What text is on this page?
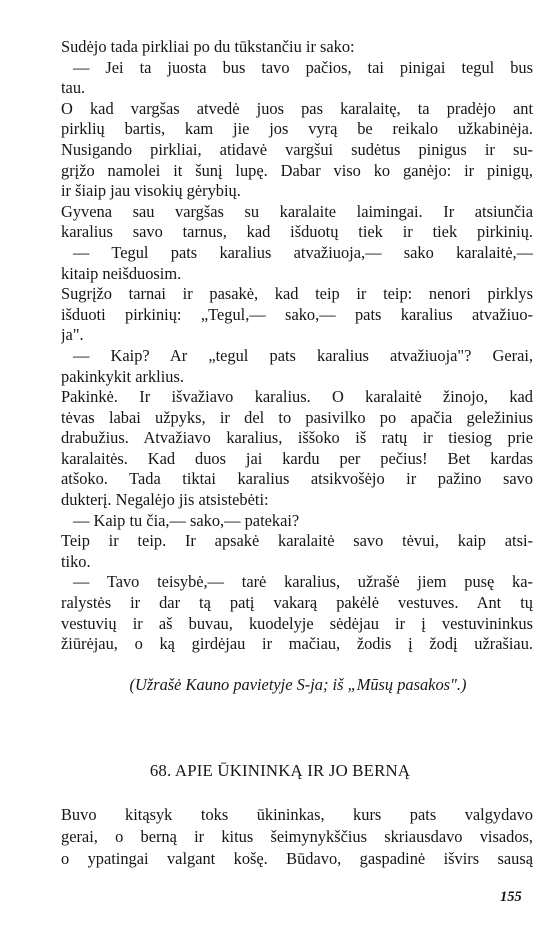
Sudėjo tada pirkliai po du tūkstančiu ir sako:
— Jei ta juosta bus tavo pačios, tai pinigai tegul bus
tau.
O kad vargšas atvedė juos pas karalaitę, ta pradėjo ant
pirklių bartis, kam jie jos vyrą be reikalo užkabinėja.
Nusigando pirkliai, atidavė vargšui sudėtus pinigus ir su-
grįžo namolei it šunį lupę. Dabar viso ko ganėjo: ir pinigų,
ir šiaip jau visokių gėrybių.
Gyvena sau vargšas su karalaite laimingai. Ir atsiunčia
karalius savo tarnus, kad išduotų tiek ir tiek pirkinių.
— Tegul pats karalius atvažiuoja,— sako karalaitė,—
kitaip neišduosim.
Sugrįžo tarnai ir pasakė, kad teip ir teip: nenori pirklys
išduoti pirkinių: „Tegul,— sako,— pats karalius atvažiuo-
ja".
— Kaip? Ar „tegul pats karalius atvažiuoja"? Gerai,
pakinkykit arklius.
Pakinkė. Ir išvažiavo karalius. O karalaitė žinojo, kad
tėvas labai užpyks, ir del to pasivilko po apačia geležinius
drabužius. Atvažiavo karalius, iššoko iš ratų ir tiesiog prie
karalaitės. Kad duos jai kardu per pečius! Bet kardas
atšoko. Tada tiktai karalius atsikvošėjo ir pažino savo
dukterį. Negalėjo jis atsistebėti:
— Kaip tu čia,— sako,— patekai?
Teip ir teip. Ir apsakė karalaitė savo tėvui, kaip atsi-
tiko.
— Tavo teisybė,— tarė karalius, užrašė jiem pusę ka-
ralystės ir dar tą patį vakarą pakėlė vestuves. Ant tų
vestuvių ir aš buvau, kuodelyje sėdėjau ir į vestuvininkus
žiūrėjau, o ką girdėjau ir mačiau, žodis į žodį užrašiau.
(Užrašė Kauno pavietyje S-ja; iš „Mūsų pasakos".)
68. APIE ŪKININKĄ IR JO BERNĄ
Buvo kitąsyk toks ūkininkas, kurs pats valgydavo
gerai, o berną ir kitus šeimynykščius skriausdavo visados,
o ypatingai valgant košę. Būdavo, gaspadinė išvirs sausą
155
